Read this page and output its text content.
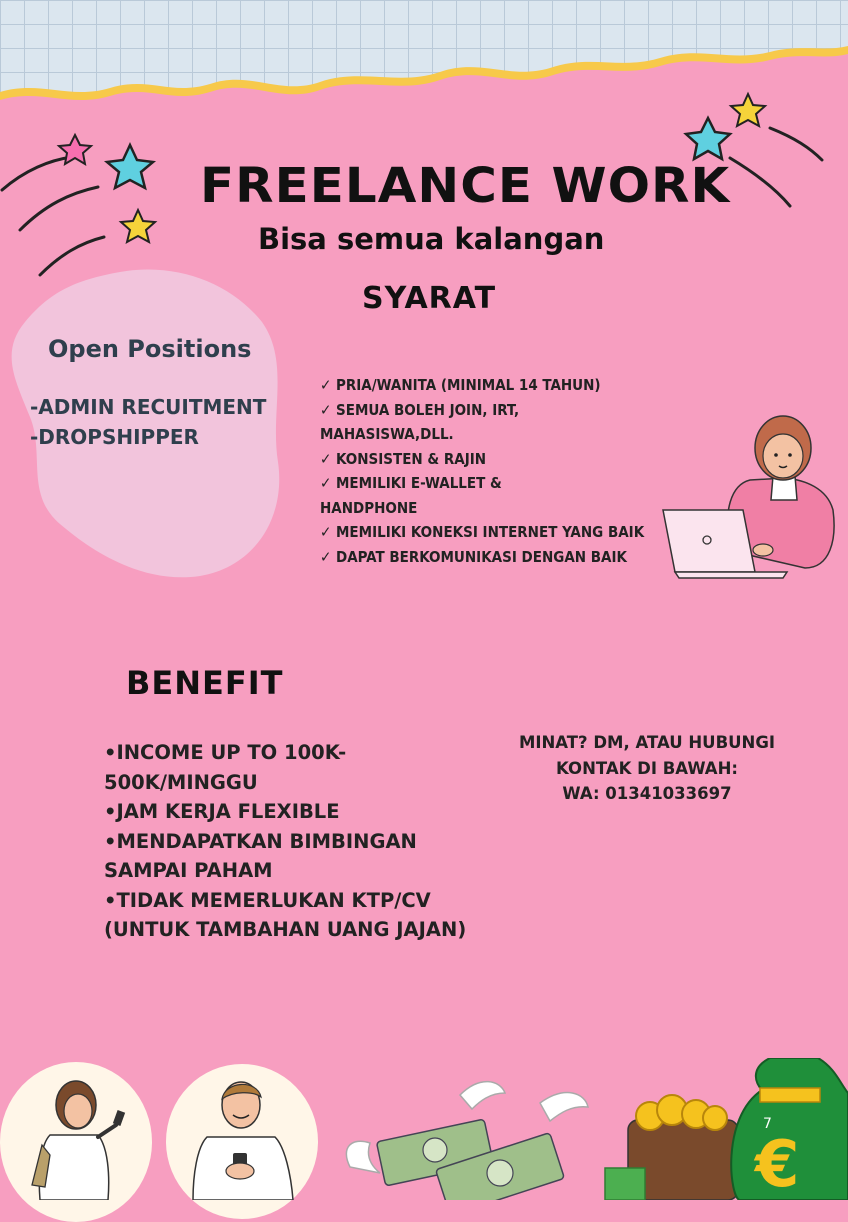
FREELANCE WORK
Bisa semua kalangan
SYARAT
Open Positions
-ADMIN RECUITMENT
-DROPSHIPPER
✓ PRIA/WANITA (MINIMAL 14 TAHUN)
✓ SEMUA BOLEH JOIN, IRT,
MAHASISWA,DLL.
✓ KONSISTEN & RAJIN
✓ MEMILIKI E-WALLET &
HANDPHONE
✓ MEMILIKI KONEKSI INTERNET YANG BAIK
✓ DAPAT BERKOMUNIKASI DENGAN BAIK
BENEFIT
•INCOME UP TO 100K-
500K/MINGGU
•JAM KERJA FLEXIBLE
•MENDAPATKAN BIMBINGAN
SAMPAI PAHAM
•TIDAK MEMERLUKAN KTP/CV
(UNTUK TAMBAHAN UANG JAJAN)
MINAT? DM, ATAU HUBUNGI
KONTAK DI BAWAH:
WA: 01341033697
7
€
